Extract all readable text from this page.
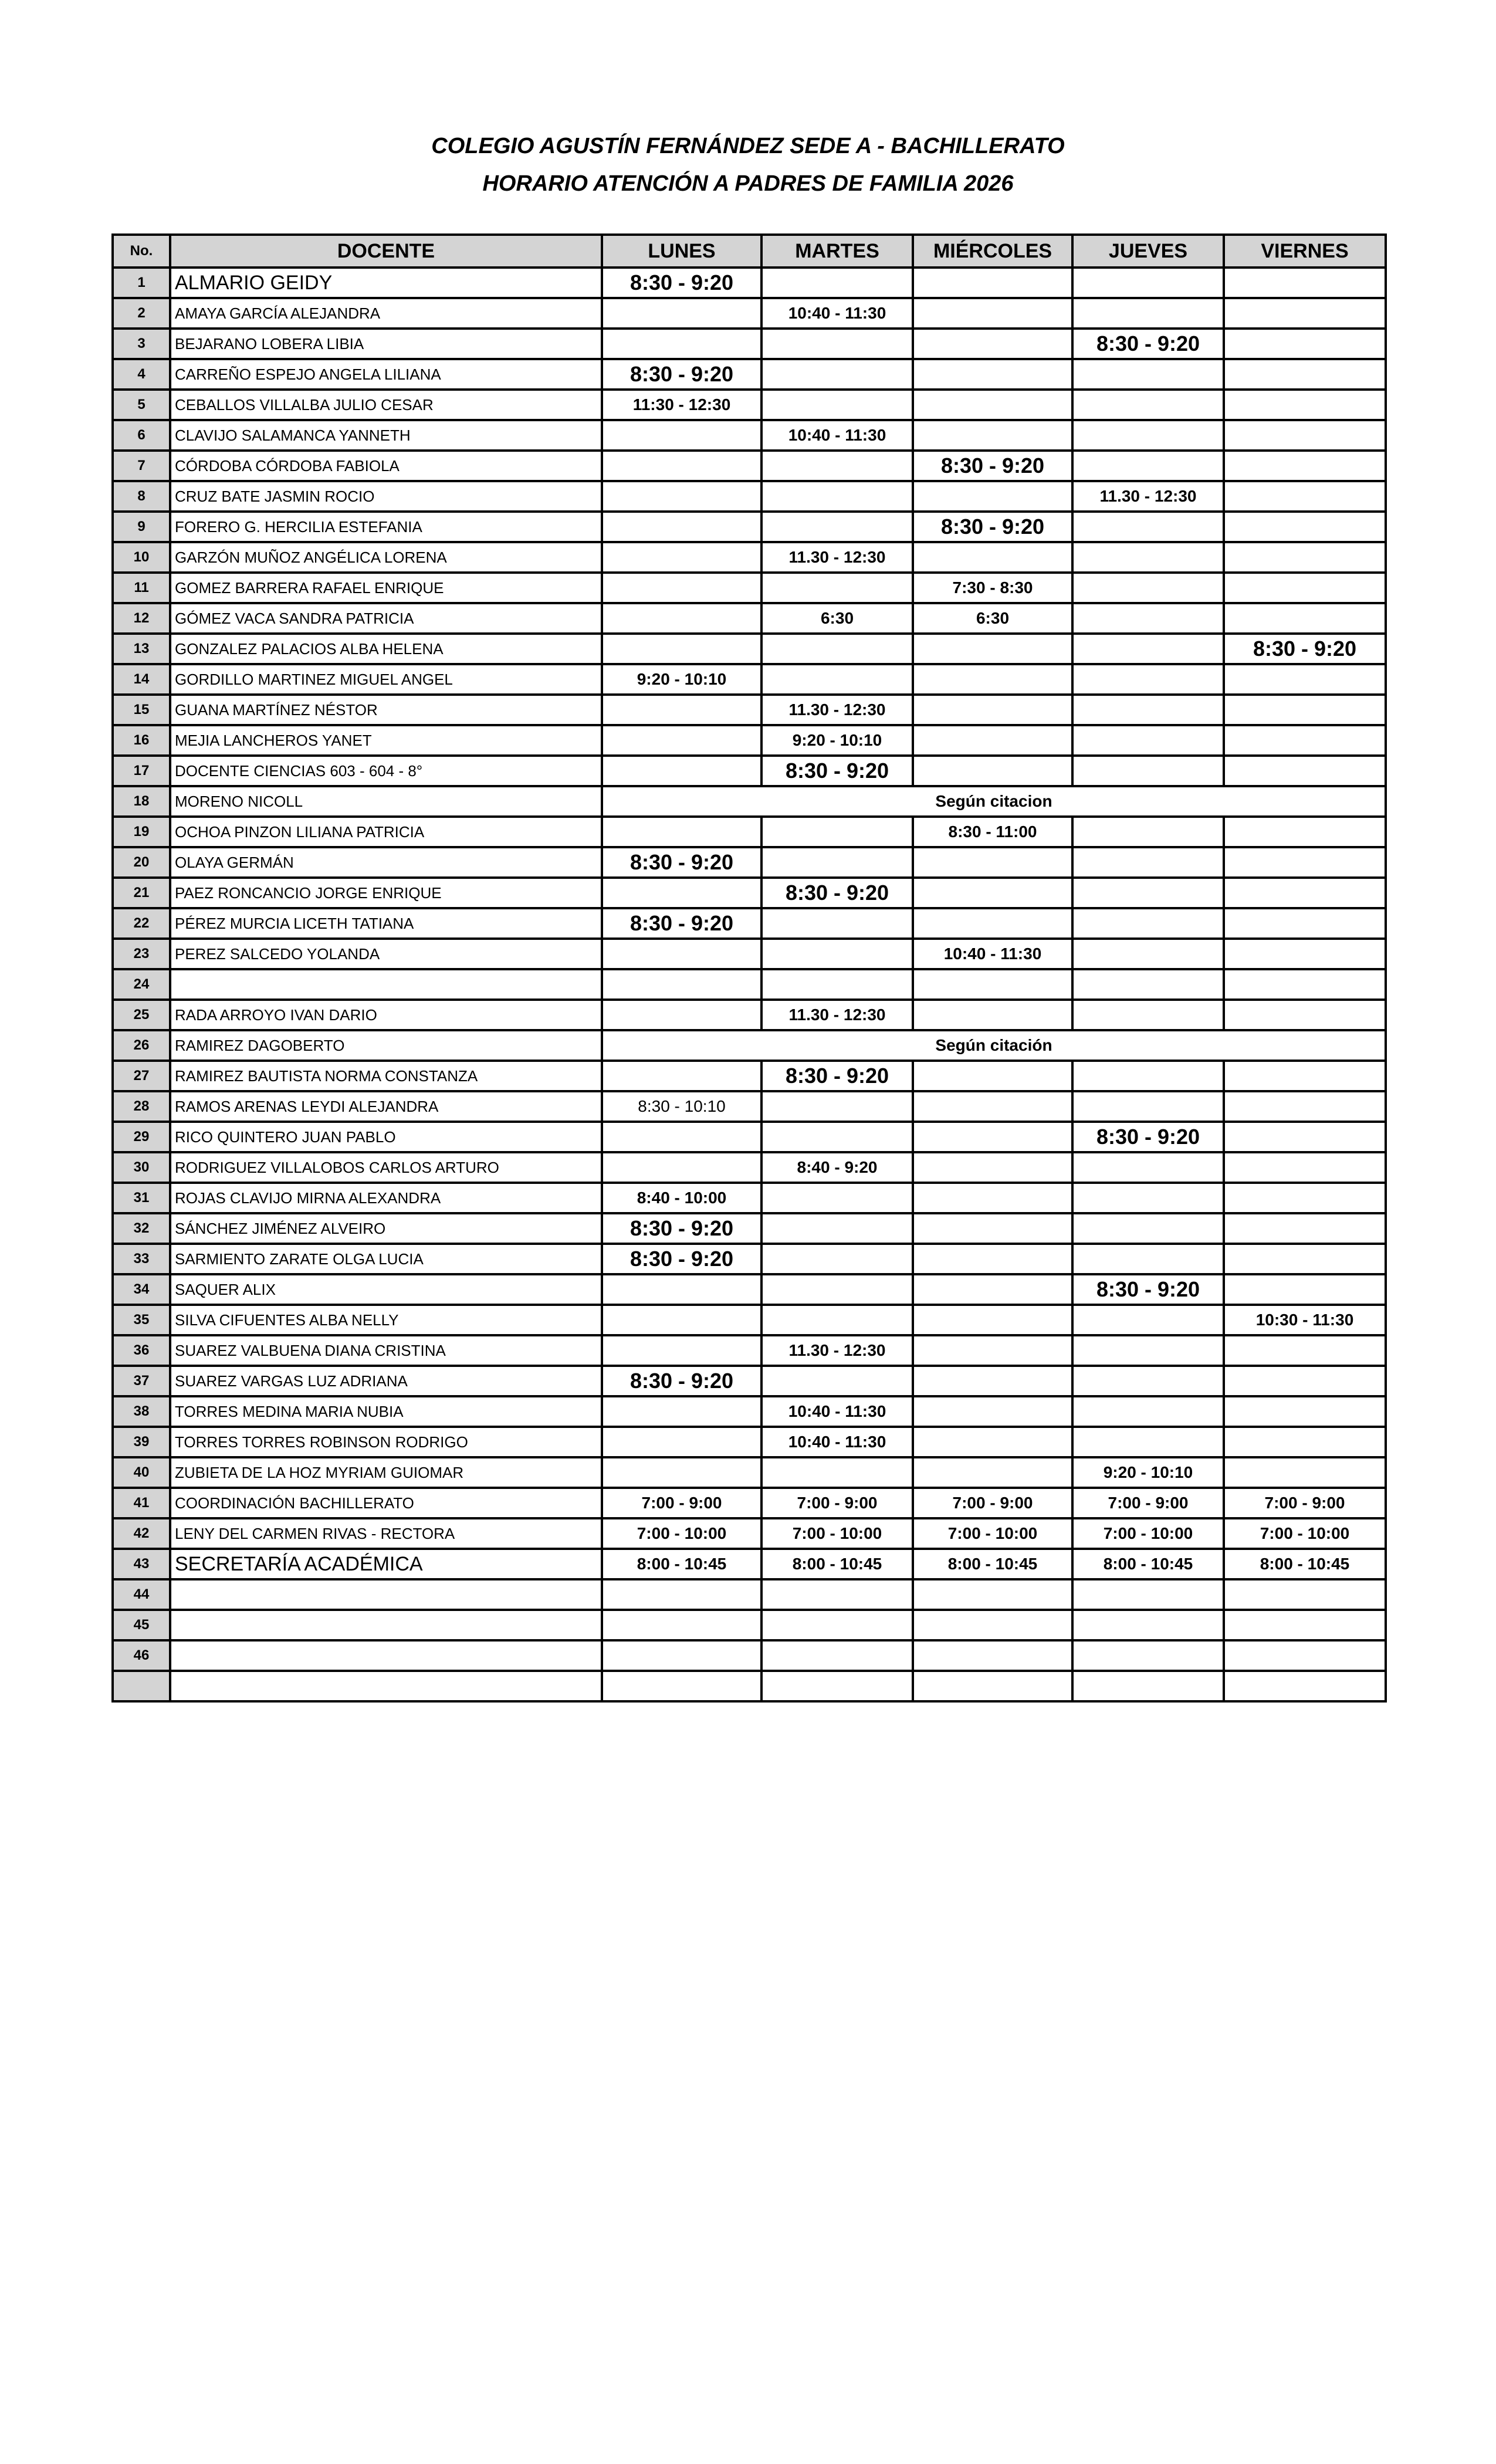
COLEGIO AGUSTÍN FERNÁNDEZ SEDE A - BACHILLERATO
HORARIO ATENCIÓN A PADRES DE FAMILIA 2026
No.	DOCENTE	LUNES	MARTES	MIÉRCOLES	JUEVES	VIERNES
1	ALMARIO GEIDY	8:30 - 9:20				
2	AMAYA GARCÍA ALEJANDRA		10:40 - 11:30			
3	BEJARANO LOBERA LIBIA				8:30 - 9:20	
4	CARREÑO ESPEJO ANGELA LILIANA	8:30 - 9:20				
5	CEBALLOS VILLALBA JULIO CESAR	11:30 - 12:30				
6	CLAVIJO SALAMANCA YANNETH		10:40 - 11:30			
7	CÓRDOBA CÓRDOBA FABIOLA			8:30 - 9:20		
8	CRUZ BATE JASMIN ROCIO				11.30 - 12:30	
9	FORERO G. HERCILIA ESTEFANIA			8:30 - 9:20		
10	GARZÓN MUÑOZ ANGÉLICA LORENA		11.30 - 12:30			
11	GOMEZ BARRERA RAFAEL ENRIQUE			7:30 - 8:30		
12	GÓMEZ VACA SANDRA PATRICIA		6:30	6:30		
13	GONZALEZ PALACIOS ALBA HELENA					8:30 - 9:20
14	GORDILLO MARTINEZ MIGUEL ANGEL	9:20 - 10:10				
15	GUANA MARTÍNEZ NÉSTOR		11.30 - 12:30			
16	MEJIA LANCHEROS YANET		9:20 - 10:10			
17	DOCENTE CIENCIAS 603 - 604 - 8°		8:30 - 9:20			
18	MORENO NICOLL	Según citacion				
19	OCHOA PINZON LILIANA PATRICIA			8:30 - 11:00		
20	OLAYA GERMÁN	8:30 - 9:20				
21	PAEZ RONCANCIO JORGE ENRIQUE		8:30 - 9:20			
22	PÉREZ MURCIA LICETH TATIANA	8:30 - 9:20				
23	PEREZ SALCEDO YOLANDA			10:40 - 11:30		
24						
25	RADA ARROYO IVAN DARIO		11.30 - 12:30			
26	RAMIREZ DAGOBERTO	Según citación				
27	RAMIREZ BAUTISTA NORMA CONSTANZA		8:30 - 9:20			
28	RAMOS ARENAS LEYDI ALEJANDRA	8:30 - 10:10				
29	RICO QUINTERO JUAN PABLO				8:30 - 9:20	
30	RODRIGUEZ VILLALOBOS CARLOS ARTURO		8:40 - 9:20			
31	ROJAS CLAVIJO MIRNA ALEXANDRA	8:40 - 10:00				
32	SÁNCHEZ JIMÉNEZ ALVEIRO	8:30 - 9:20				
33	SARMIENTO ZARATE OLGA LUCIA	8:30 - 9:20				
34	SAQUER ALIX				8:30 - 9:20	
35	SILVA CIFUENTES ALBA NELLY					10:30 - 11:30
36	SUAREZ VALBUENA DIANA CRISTINA		11.30 - 12:30			
37	SUAREZ VARGAS LUZ ADRIANA	8:30 - 9:20				
38	TORRES MEDINA MARIA NUBIA		10:40 - 11:30			
39	TORRES TORRES ROBINSON RODRIGO		10:40 - 11:30			
40	ZUBIETA DE LA HOZ MYRIAM GUIOMAR				9:20 - 10:10	
41	COORDINACIÓN BACHILLERATO	7:00 - 9:00	7:00 - 9:00	7:00 - 9:00	7:00 - 9:00	7:00 - 9:00
42	LENY DEL CARMEN RIVAS - RECTORA	7:00 - 10:00	7:00 - 10:00	7:00 - 10:00	7:00 - 10:00	7:00 - 10:00
43	SECRETARÍA ACADÉMICA	8:00 - 10:45	8:00 - 10:45	8:00 - 10:45	8:00 - 10:45	8:00 - 10:45
44						
45						
46						
